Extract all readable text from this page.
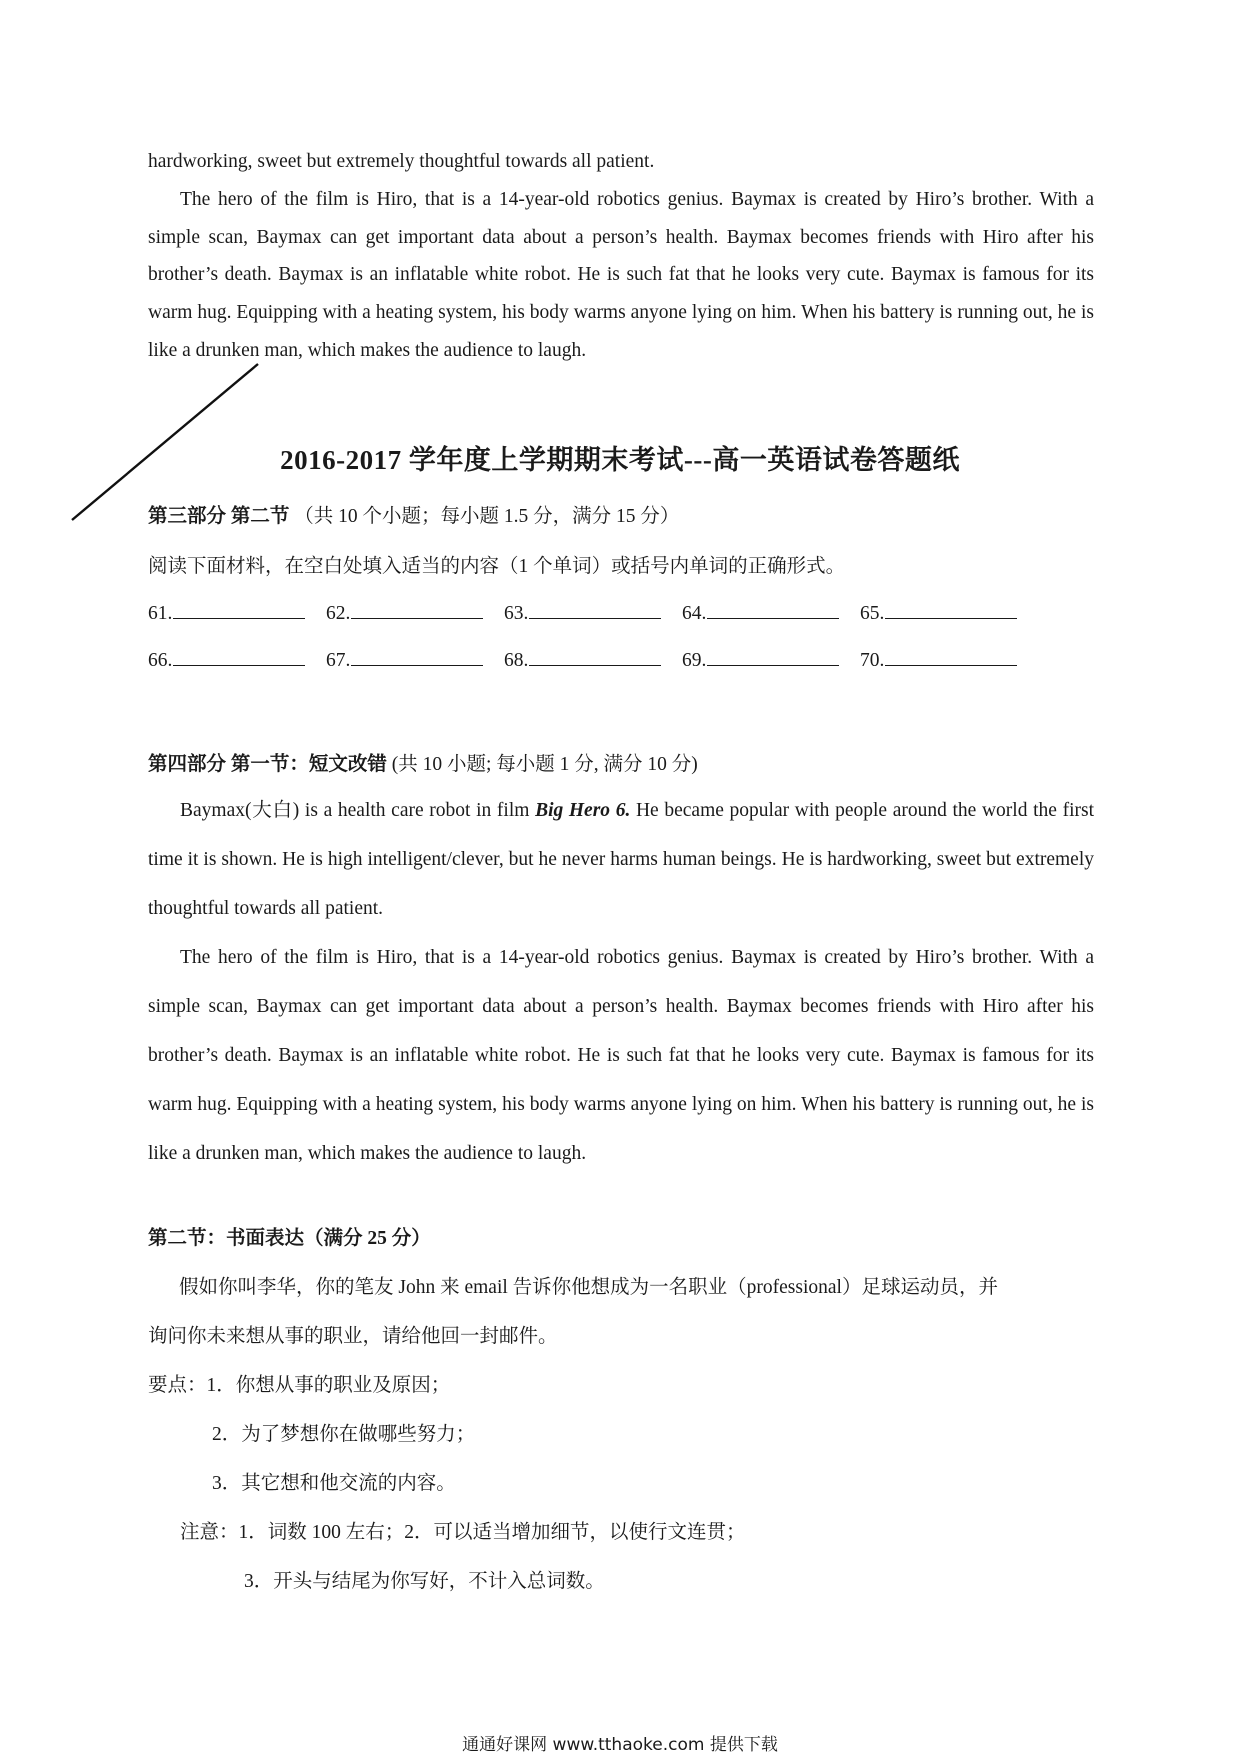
hardworking, sweet but extremely thoughtful towards all patient.

The hero of the film is Hiro, that is a 14-year-old robotics genius. Baymax is created by Hiro’s brother. With a simple scan, Baymax can get important data about a person’s health. Baymax becomes friends with Hiro after his brother’s death. Baymax is an inflatable white robot. He is such fat that he looks very cute. Baymax is famous for its warm hug. Equipping with a heating system, his body warms anyone lying on him. When his battery is running out, he is like a drunken man, which makes the audience to laugh.

2016-2017 学年度上学期期末考试---高一英语试卷答题纸
第三部分 第二节 （共 10 个小题；每小题 1.5 分，满分 15 分）
阅读下面材料，在空白处填入适当的内容（1 个单词）或括号内单词的正确形式。
61.	62.	63.	64.	65.
66.	67.	68.	69.	70.
第四部分 第一节：短文改错 (共 10 小题; 每小题 1 分, 满分 10 分)

Baymax(大白) is a health care robot in film Big Hero 6. He became popular with people around the world the first time it is shown. He is high intelligent/clever, but he never harms human beings. He is hardworking, sweet but extremely thoughtful towards all patient.

The hero of the film is Hiro, that is a 14-year-old robotics genius. Baymax is created by Hiro’s brother. With a simple scan, Baymax can get important data about a person’s health. Baymax becomes friends with Hiro after his brother’s death. Baymax is an inflatable white robot. He is such fat that he looks very cute. Baymax is famous for its warm hug. Equipping with a heating system, his body warms anyone lying on him. When his battery is running out, he is like a drunken man, which makes the audience to laugh.

第二节：书面表达（满分 25 分）
假如你叫李华，你的笔友 John 来 email 告诉你他想成为一名职业（professional）足球运动员，并
询问你未来想从事的职业，请给他回一封邮件。
要点：1．你想从事的职业及原因；
2．为了梦想你在做哪些努力；
3．其它想和他交流的内容。
注意：1．词数 100 左右；2．可以适当增加细节，以使行文连贯；
3．开头与结尾为你写好，不计入总词数。
通通好课网 www.tthaoke.com 提供下载
